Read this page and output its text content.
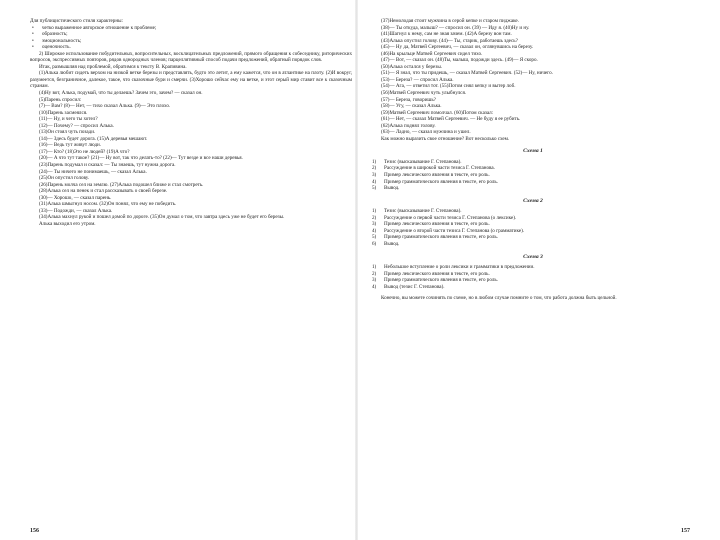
Для публицистического стиля характерны:

• четко выраженное авторское отношение к проблеме;

• образность;

• эмоциональность;

• оценочность.

2) Широкое использование побудительных, вопросительных, восклицательных предложений, прямого обращения к собеседнику, риторических вопросов, экспрессивных повторов, рядов однородных членов; парцеллятивный способ подачи предложений, обратный порядок слов.

Итак, размышляя над проблемой, обратимся к тексту В. Крапивина.

(1)Алька любит сидеть верхом на низкой ветке березы и представлять, будто это летит, а ему кажется, что он в атлантике на плоту. (2)И вокруг, разумеется, безграничное, далекое, такое, что сказочные бури и смерчи. (3)Хорошо сейчас ему на ветке, и этот серый мир ставит все к сказочным странам.

(4)Ну вот, Алька, подумай, что ты делаешь? Зачем это, зачем? — сказал он.

(5)Парень спросил:

(7)— Вам? (8)— Нет, — тихо сказал Алька. (9)— Это плохо.

(10)Парень засмеялся.

(11)— Ну, и чего ты хотел?

(12)— Почему? — спросил Алька.

(13)Он стоял чуть позади.

(14)— Здесь будет дорога. (15)А деревья мешают.

(16)— Ведь тут живут люди.

(17)— Кто? (18)Это не людей? (19)А что?

(20)— А что тут такое? (21)— Ну вот, так что делать-то? (22)— Тут везде и все наши деревья.

(23)Парень подумал и сказал: — Ты знаешь, тут нужна дорога.

(24)— Ты ничего не понимаешь, — сказал Алька.

(25)Он опустил голову.

(26)Парень молча сел на землю. (27)Алька подошел ближе и стал смотреть.

(28)Алька сел на пенек и стал рассказывать о своей березе.

(30)— Хорошо, — сказал парень.

(31)Алька шмыгнул носом. (32)Он понял, что ему не победить.

(33)— Подожди, — сказал Алька.

(34)Алька махнул рукой и пошел домой по дороге. (35)Он думал о том, что завтра здесь уже не будет его березы.

Алька выходил его утром.

(37)Немолодая стоит мужчина в серой кепке и старом пиджаке.

(38)— Ты откуда, малыш? — спросил он. (39) — Иду я. (40)Ну и ну.

(41)Шагнул к нему, сам не зная зачем. (42)А березу вон там.

(43)Алька опустил голову. (44)— Ты, старик, работаешь здесь?

(45)— Ну да, Матвей Сергеевич, — сказал он, оглянувшись на березу.

(46)На крыльце Матвей Сергеевич сидел тихо.

(47)— Вот, — сказал он. (48)Ты, малыш, подожди здесь. (49)— Я скоро.

(50)Алька остался у березы.

(51)— Я знал, что ты придешь, — сказал Матвей Сергеевич. (52)— Ну, ничего.

(53)— Береза? — спросил Алька.

(54)— Ага, — ответил тот. (55)Потом снял кепку и вытер лоб.

(56)Матвей Сергеевич чуть улыбнулся.

(57)— Береза, говоришь?

(58)— Угу, — сказал Алька.

(59)Матвей Сергеевич помолчал. (60)Потом сказал:

(61)— Нет, — сказал Матвей Сергеевич. — Не буду я ее рубить.

(62)Алька поднял голову.

(63)— Ладно, — сказал мужчина и ушел.

Как можно выразить свое отношение? Вот несколько схем.

Схема 1
1)	Тезис (высказывание Г. Степанова).
2)	Рассуждение в широкой части тезиса Г. Степанова.
3)	Пример лексического явления в тексте, его роль.
4)	Пример грамматического явления в тексте, его роль.
5)	Вывод.
Схема 2
1)	Тезис (высказывание Г. Степанова).
2)	Рассуждение о первой части тезиса Г. Степанова (о лексике).
3)	Пример лексического явления в тексте, его роль.
4)	Рассуждение о второй части тезиса Г. Степанова (о грамматике).
5)	Пример грамматического явления в тексте, его роль.
6)	Вывод.
Схема 3
1)	Небольшое вступление о роли лексики и грамматики в предложении.
2)	Пример лексического явления в тексте, его роль.
3)	Пример грамматического явления в тексте, его роль.
4)	Вывод (тезис Г. Степанова).

Конечно, вы можете сочинять по схеме, но в любом случае помните о том, что работа должна быть цельной.

156	157
